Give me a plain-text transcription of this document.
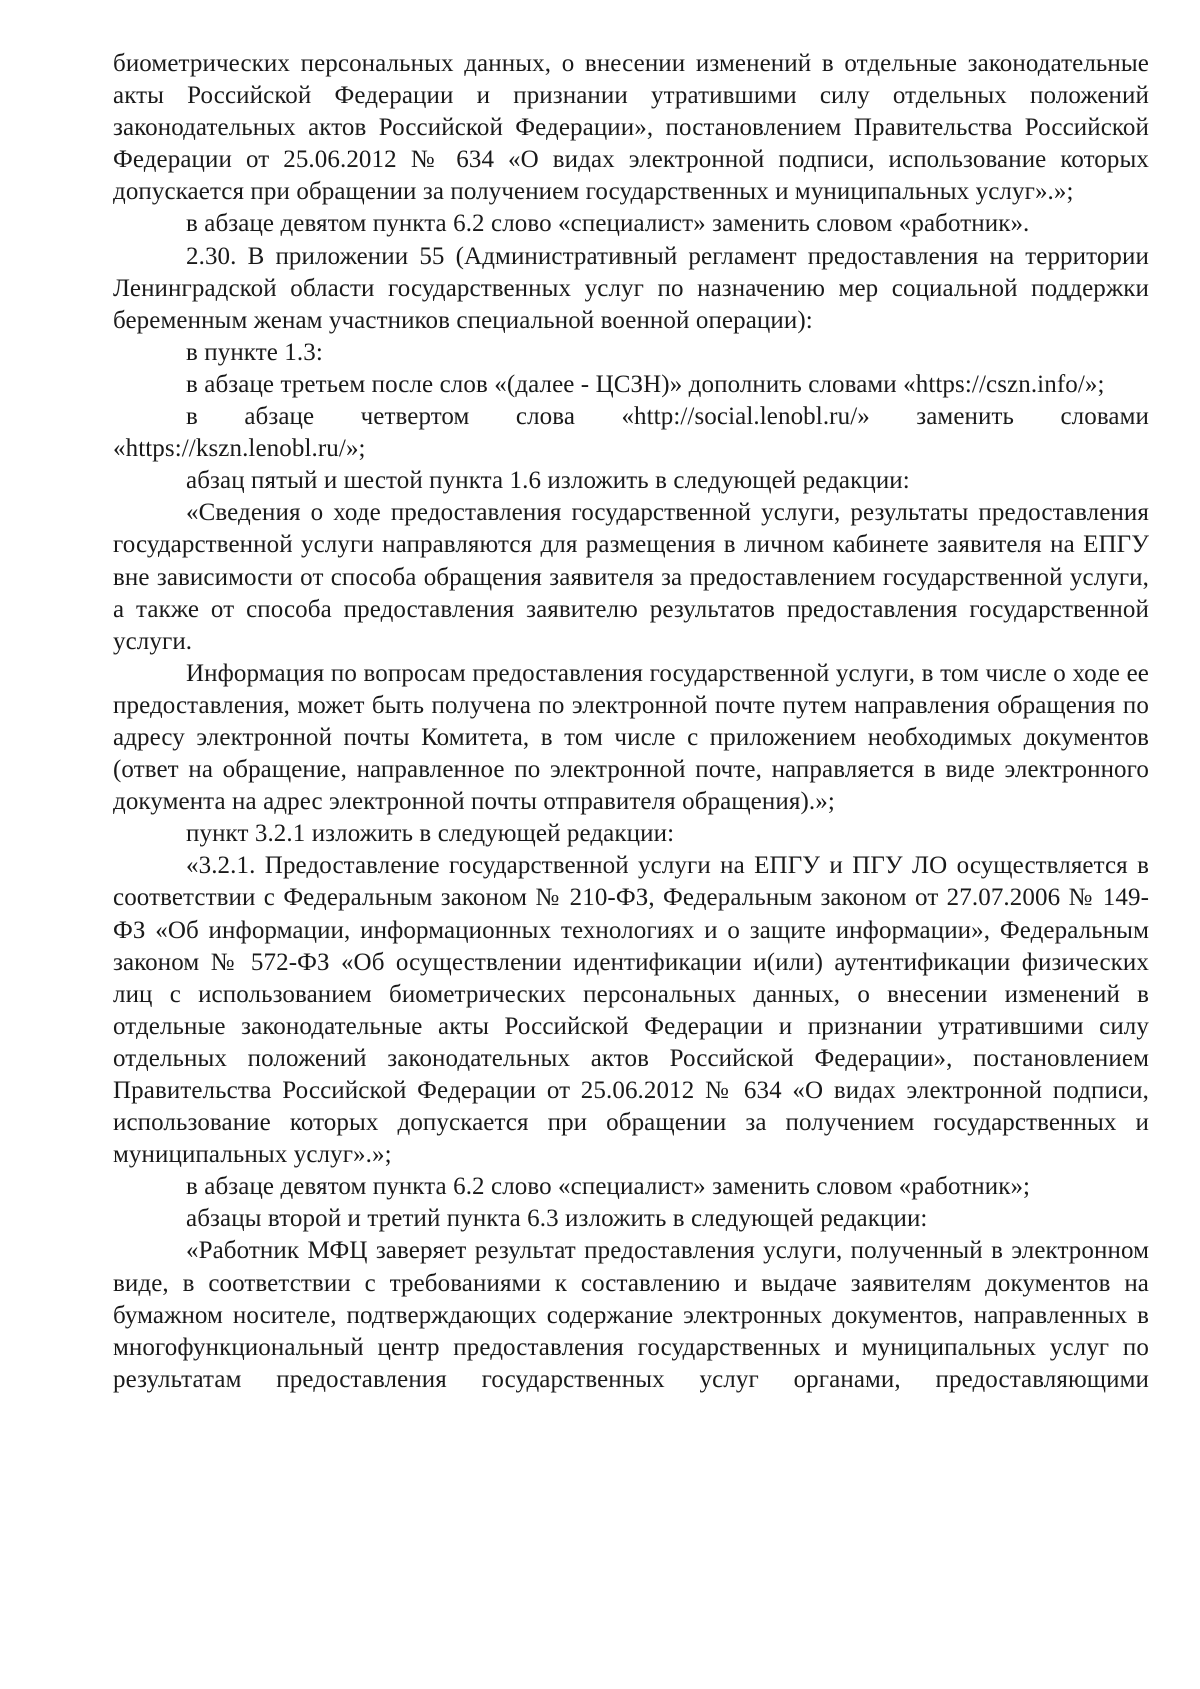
биометрических персональных данных, о внесении изменений в отдельные законодательные акты Российской Федерации и признании утратившими силу отдельных положений законодательных актов Российской Федерации», постановлением Правительства Российской Федерации от 25.06.2012 № 634 «О видах электронной подписи, использование которых допускается при обращении за получением государственных и муниципальных услуг».»;

в абзаце девятом пункта 6.2 слово «специалист» заменить словом «работник».

2.30. В приложении 55 (Административный регламент предоставления на территории Ленинградской области государственных услуг по назначению мер социальной поддержки беременным женам участников специальной военной операции):

в пункте 1.3:

в абзаце третьем после слов «(далее - ЦСЗН)» дополнить словами «https://cszn.info/»;

в абзаце четвертом слова «http://social.lenobl.ru/» заменить словами «https://kszn.lenobl.ru/»;

абзац пятый и шестой пункта 1.6 изложить в следующей редакции:

«Сведения о ходе предоставления государственной услуги, результаты предоставления государственной услуги направляются для размещения в личном кабинете заявителя на ЕПГУ вне зависимости от способа обращения заявителя за предоставлением государственной услуги, а также от способа предоставления заявителю результатов предоставления государственной услуги.

Информация по вопросам предоставления государственной услуги, в том числе о ходе ее предоставления, может быть получена по электронной почте путем направления обращения по адресу электронной почты Комитета, в том числе с приложением необходимых документов (ответ на обращение, направленное по электронной почте, направляется в виде электронного документа на адрес электронной почты отправителя обращения).»;

пункт 3.2.1 изложить в следующей редакции:

«3.2.1. Предоставление государственной услуги на ЕПГУ и ПГУ ЛО осуществляется в соответствии с Федеральным законом № 210-ФЗ, Федеральным законом от 27.07.2006 № 149-ФЗ «Об информации, информационных технологиях и о защите информации», Федеральным законом № 572-ФЗ «Об осуществлении идентификации и(или) аутентификации физических лиц с использованием биометрических персональных данных, о внесении изменений в отдельные законодательные акты Российской Федерации и признании утратившими силу отдельных положений законодательных актов Российской Федерации», постановлением Правительства Российской Федерации от 25.06.2012 № 634 «О видах электронной подписи, использование которых допускается при обращении за получением государственных и муниципальных услуг».»;

в абзаце девятом пункта 6.2 слово «специалист» заменить словом «работник»;

абзацы второй и третий пункта 6.3 изложить в следующей редакции:

«Работник МФЦ заверяет результат предоставления услуги, полученный в электронном виде, в соответствии с требованиями к составлению и выдаче заявителям документов на бумажном носителе, подтверждающих содержание электронных документов, направленных в многофункциональный центр предоставления государственных и муниципальных услуг по результатам предоставления государственных услуг органами, предоставляющими
